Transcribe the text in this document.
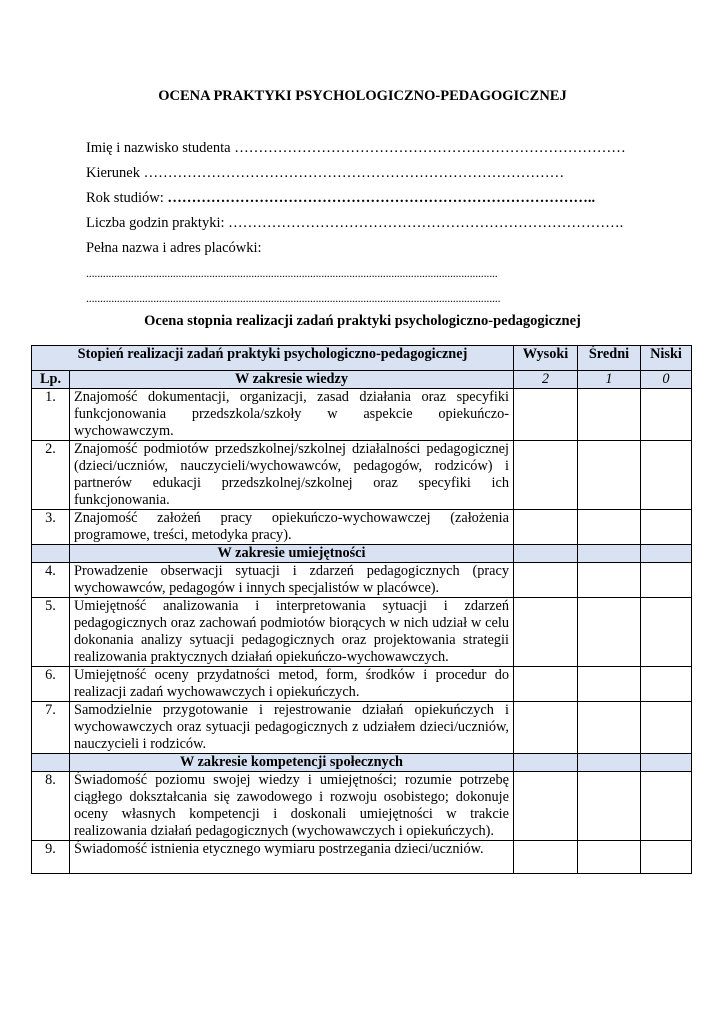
OCENA PRAKTYKI PSYCHOLOGICZNO-PEDAGOGICZNEJ
Imię i nazwisko studenta ………………………………………………………………………
Kierunek ……………………………………………………………………………
Rok studiów: ……………………………………………………………………………..
Liczba godzin praktyki: ……………………………………………………………………….
Pełna nazwa i adres placówki:
...................................................................................................................................................
....................................................................................................................................................
Ocena stopnia realizacji zadań praktyki psychologiczno-pedagogicznej
Stopień realizacji zadań praktyki psychologiczno-pedagogicznej		Wysoki	Średni	Niski
Lp.	W zakresie wiedzy	2	1	0
1.	Znajomość dokumentacji, organizacji, zasad działania oraz specyfiki funkcjonowania przedszkola/szkoły w aspekcie opiekuńczo-wychowawczym.			
2.	Znajomość podmiotów przedszkolnej/szkolnej działalności pedagogicznej (dzieci/uczniów, nauczycieli/wychowawców, pedagogów, rodziców) i partnerów edukacji przedszkolnej/szkolnej oraz specyfiki ich funkcjonowania.			
3.	Znajomość założeń pracy opiekuńczo-wychowawczej (założenia programowe, treści, metodyka pracy).			
	W zakresie umiejętności			
4.	Prowadzenie obserwacji sytuacji i zdarzeń pedagogicznych (pracy wychowawców, pedagogów i innych specjalistów w placówce).			
5.	Umiejętność analizowania i interpretowania sytuacji i zdarzeń pedagogicznych oraz zachowań podmiotów biorących w nich udział w celu dokonania analizy sytuacji pedagogicznych oraz projektowania strategii realizowania praktycznych działań opiekuńczo-wychowawczych.			
6.	Umiejętność oceny przydatności metod, form, środków i procedur do realizacji zadań wychowawczych i opiekuńczych.			
7.	Samodzielnie przygotowanie i rejestrowanie działań opiekuńczych i wychowawczych oraz sytuacji pedagogicznych z udziałem dzieci/uczniów, nauczycieli i rodziców.			
	W zakresie kompetencji społecznych			
8.	Świadomość poziomu swojej wiedzy i umiejętności; rozumie potrzebę ciągłego dokształcania się zawodowego i rozwoju osobistego; dokonuje oceny własnych kompetencji i doskonali umiejętności w trakcie realizowania działań pedagogicznych (wychowawczych i opiekuńczych).			
9.	Świadomość istnienia etycznego wymiaru postrzegania dzieci/uczniów.			
